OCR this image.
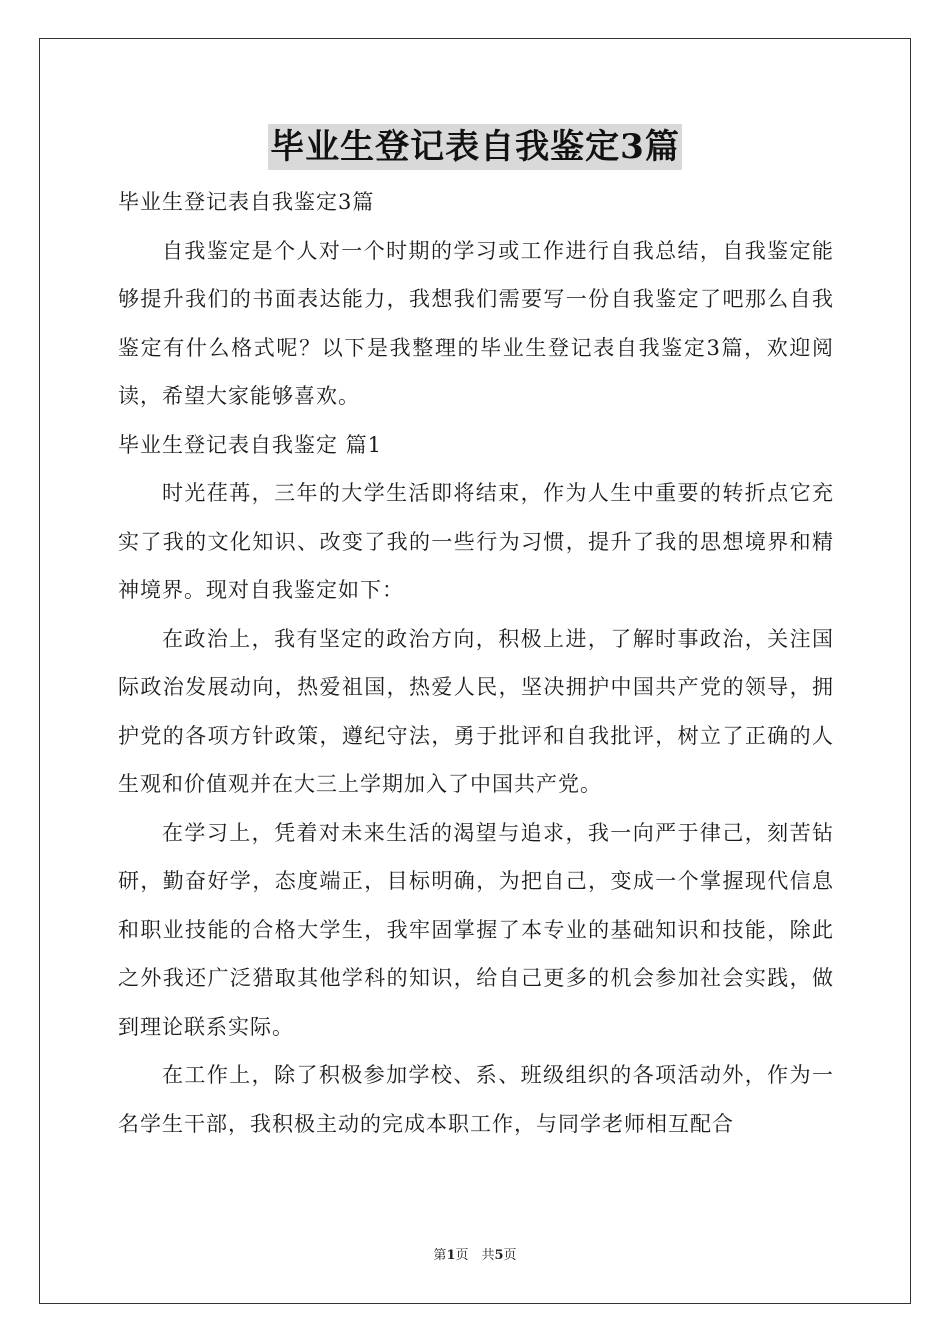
毕业生登记表自我鉴定3篇

毕业生登记表自我鉴定3篇

自我鉴定是个人对一个时期的学习或工作进行自我总结，自我鉴定能够提升我们的书面表达能力，我想我们需要写一份自我鉴定了吧那么自我鉴定有什么格式呢？以下是我整理的毕业生登记表自我鉴定3篇，欢迎阅读，希望大家能够喜欢。

毕业生登记表自我鉴定 篇1

时光荏苒，三年的大学生活即将结束，作为人生中重要的转折点它充实了我的文化知识、改变了我的一些行为习惯，提升了我的思想境界和精神境界。现对自我鉴定如下：

在政治上，我有坚定的政治方向，积极上进，了解时事政治，关注国际政治发展动向，热爱祖国，热爱人民，坚决拥护中国共产党的领导，拥护党的各项方针政策，遵纪守法，勇于批评和自我批评，树立了正确的人生观和价值观并在大三上学期加入了中国共产党。

在学习上，凭着对未来生活的渴望与追求，我一向严于律己，刻苦钻研，勤奋好学，态度端正，目标明确，为把自己，变成一个掌握现代信息和职业技能的合格大学生，我牢固掌握了本专业的基础知识和技能，除此之外我还广泛猎取其他学科的知识，给自己更多的机会参加社会实践，做到理论联系实际。

在工作上，除了积极参加学校、系、班级组织的各项活动外，作为一名学生干部，我积极主动的完成本职工作，与同学老师相互配合

第1页　共5页
